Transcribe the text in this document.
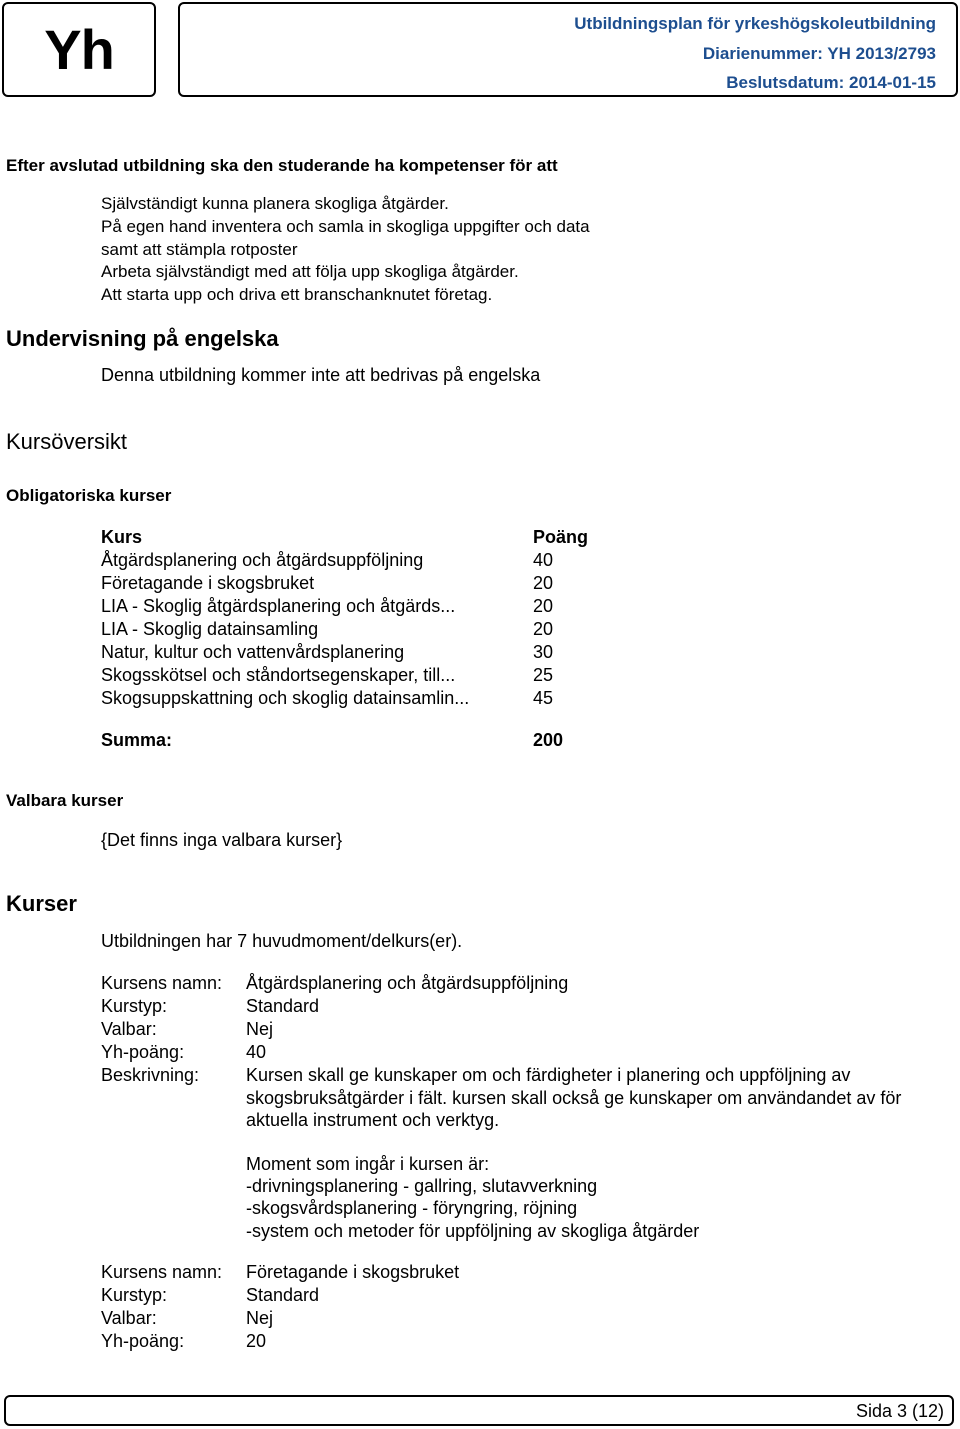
Yh	Utbildningsplan för yrkeshögskoleutbildning
Diarienummer: YH 2013/2793
Beslutsdatum: 2014-01-15
Efter avslutad utbildning ska den studerande ha kompetenser för att
Självständigt kunna planera skogliga åtgärder.
På egen hand inventera och samla in skogliga uppgifter och data
samt att stämpla rotposter
Arbeta självständigt med att följa upp skogliga åtgärder.
Att starta upp och driva ett branschanknutet företag.
Undervisning på engelska
Denna utbildning kommer inte att bedrivas på engelska
Kursöversikt
Obligatoriska kurser
Kurs	Poäng
Åtgärdsplanering och åtgärdsuppföljning	40
Företagande i skogsbruket	20
LIA - Skoglig åtgärdsplanering och åtgärds...	20
LIA - Skoglig datainsamling	20
Natur, kultur och vattenvårdsplanering	30
Skogsskötsel och ståndortsegenskaper, till...	25
Skogsuppskattning och skoglig datainsamlin...	45
Summa:	200
Valbara kurser
{Det finns inga valbara kurser}
Kurser
Utbildningen har 7 huvudmoment/delkurs(er).
Kursens namn: Åtgärdsplanering och åtgärdsuppföljning
Kurstyp:	Standard
Valbar:	Nej
Yh-poäng:	40
Beskrivning:	Kursen skall ge kunskaper om och färdigheter i planering och uppföljning av
skogsbruksåtgärder i fält. kursen skall också ge kunskaper om användandet av för
aktuella instrument och verktyg.
Moment som ingår i kursen är:
-drivningsplanering - gallring, slutavverkning
-skogsvårdsplanering - föryngring, röjning
-system och metoder för uppföljning av skogliga åtgärder
Kursens namn: Företagande i skogsbruket
Kurstyp:	Standard
Valbar:	Nej
Yh-poäng:	20
Sida 3 (12)
